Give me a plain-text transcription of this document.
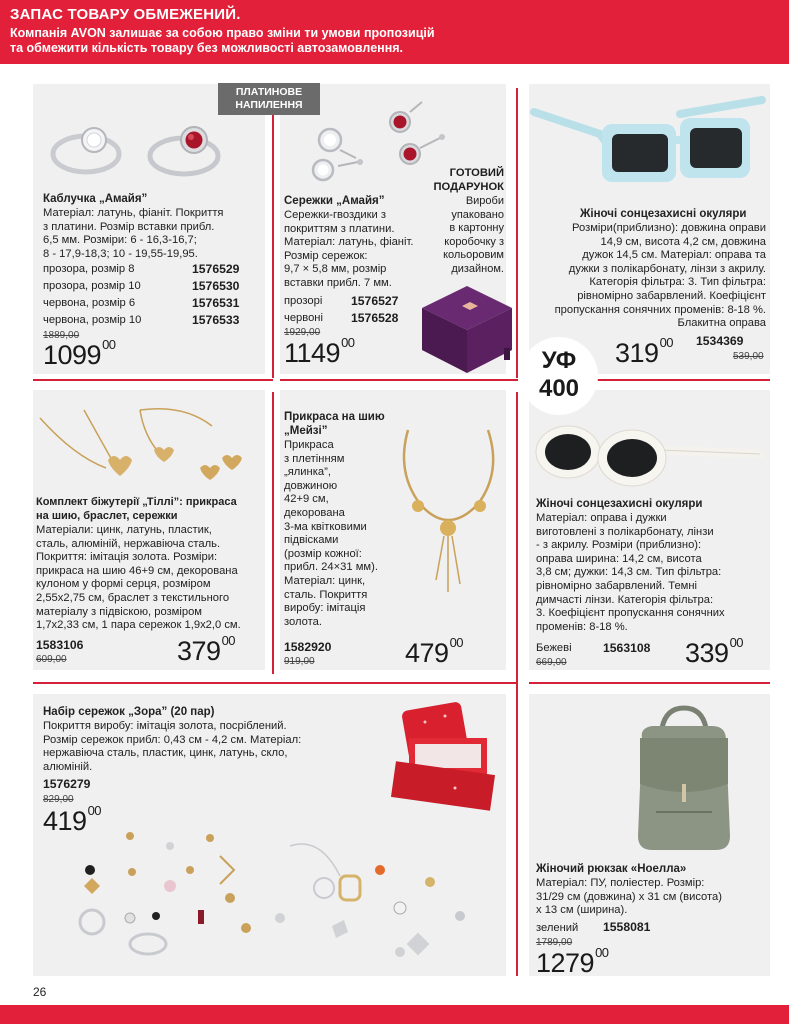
ЗАПАС ТОВАРУ ОБМЕЖЕНИЙ.
Компанія AVON залишає за собою право зміни ти умови пропозицій
та обмежити кількість товару без можливості автозамовлення.
ПЛАТИНОВЕ
НАПИЛЕННЯ
Каблучка „Амайя”
Матеріал: латунь, фіаніт. Покриття
з платини. Розмір вставки прибл.
6,5 мм. Розміри: 6 - 16,3-16,7;
8 - 17,9-18,3; 10 - 19,55-19,95.
прозора, розмір 8	1576529
прозора, розмір 10	1576530
червона, розмір 6	1576531
червона, розмір 10	1576533
1889,00
1099$^{00}$
Сережки „Амайя”
Сережки-гвоздики з
покриттям з платини.
Матеріал: латунь, фіаніт.
Розмір сережок:
9,7 × 5,8 мм, розмір
вставки прибл. 7 мм.
прозорі 1576527
червоні 1576528
1929,00
1149$^{00}$
ГОТОВИЙ
ПОДАРУНОК
Вироби
упаковано
в картонну
коробочку з
кольоровим
дизайном.
Жіночі сонцезахисні окуляри
Розміри(приблизно): довжина оправи
14,9 см, висота 4,2 см, довжина
дужок 14,5 см. Матеріал: оправа та
дужки з полікарбонату, лінзи з акрилу.
Категорія фільтра: 3. Тип фільтра:
рівномірно забарвлений. Коефіцієнт
пропускання сонячних променів: 8-18 %.
Блакитна оправа
1534369
539,00
$319^{00}$
УФ
400
Комплект біжутерії „Тіллі”: прикраса
на шию, браслет, сережки
Матеріали: цинк, латунь, пластик,
сталь, алюміній, нержавіюча сталь.
Покриття: імітація золота. Розміри:
прикраса на шию 46+9 см, декорована
кулоном у формі серця, розміром
2,55х2,75 см, браслет з текстильного
матеріалу з підвіскою, розміром
1,7х2,33 см, 1 пара сережок 1,9х2,0 см.
1583106
609,00	$379^{00}$
Прикраса на шию
„Мейзі”
Прикраса
з плетінням
„ялинка”,
довжиною
42+9 см,
декорована
3-ма квітковими
підвісками
(розмір кожної:
прибл. 24×31 мм).
Матеріал: цинк,
сталь. Покриття
виробу: імітація
золота.
1582920
919,00	$479^{00}$
Жіночі сонцезахисні окуляри
Матеріал: оправа і дужки
виготовлені з полікарбонату, лінзи
- з акрилу. Розміри (приблизно):
оправа ширина: 14,2 см, висота
3,8 см; дужки: 14,3 см. Тип фільтра:
рівномірно забарвлений. Темні
димчасті лінзи. Категорія фільтра:
3. Коефіцієнт пропускання сонячних
променів: 8-18 %.
Бежеві	1563108
669,00	$339^{00}$
Набір сережок „Зора” (20 пар)
Покриття виробу: імітація золота, посріблений.
Розмір сережок прибл: 0,43 см - 4,2 см. Матеріал:
нержавіюча сталь, пластик, цинк, латунь, скло,
алюміній.
1576279
829,00
$419^{00}$
Жіночий рюкзак «Ноелла»
Матеріал: ПУ, поліестер. Розмір:
31/29 см (довжина) х 31 см (висота)
х 13 см (ширина).
зелений 1558081
1789,00
1279$^{00}$
26
